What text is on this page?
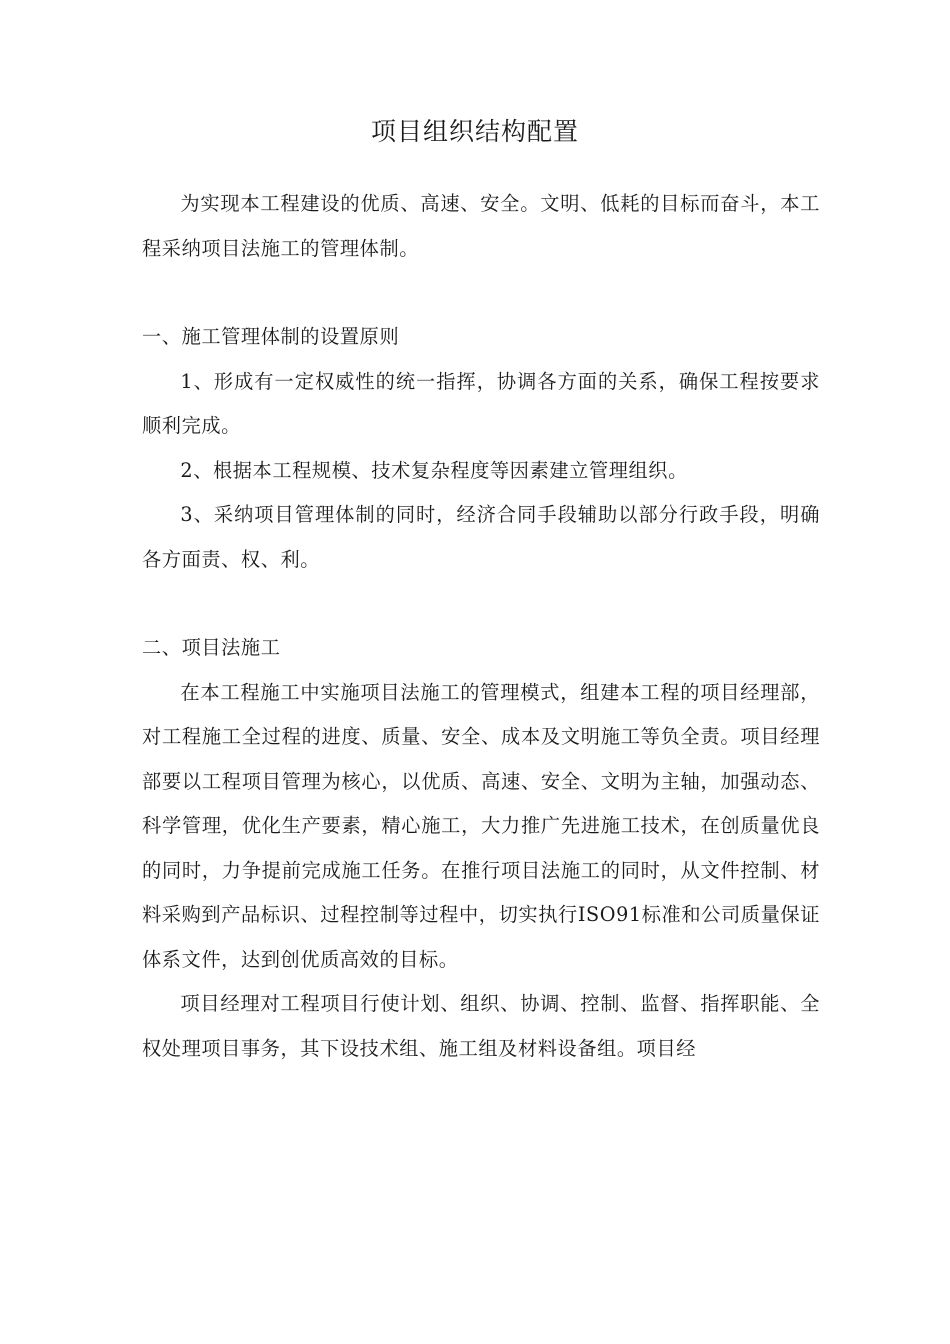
项目组织结构配置

为实现本工程建设的优质、高速、安全。文明、低耗的目标而奋斗，本工程采纳项目法施工的管理体制。

一、施工管理体制的设置原则

1、形成有一定权威性的统一指挥，协调各方面的关系，确保工程按要求顺利完成。

2、根据本工程规模、技术复杂程度等因素建立管理组织。

3、采纳项目管理体制的同时，经济合同手段辅助以部分行政手段，明确各方面责、权、利。

二、项目法施工

在本工程施工中实施项目法施工的管理模式，组建本工程的项目经理部，对工程施工全过程的进度、质量、安全、成本及文明施工等负全责。项目经理部要以工程项目管理为核心，以优质、高速、安全、文明为主轴，加强动态、科学管理，优化生产要素，精心施工，大力推广先进施工技术，在创质量优良的同时，力争提前完成施工任务。在推行项目法施工的同时，从文件控制、材料采购到产品标识、过程控制等过程中，切实执行ISO91标准和公司质量保证体系文件，达到创优质高效的目标。

项目经理对工程项目行使计划、组织、协调、控制、监督、指挥职能、全权处理项目事务，其下设技术组、施工组及材料设备组。项目经
